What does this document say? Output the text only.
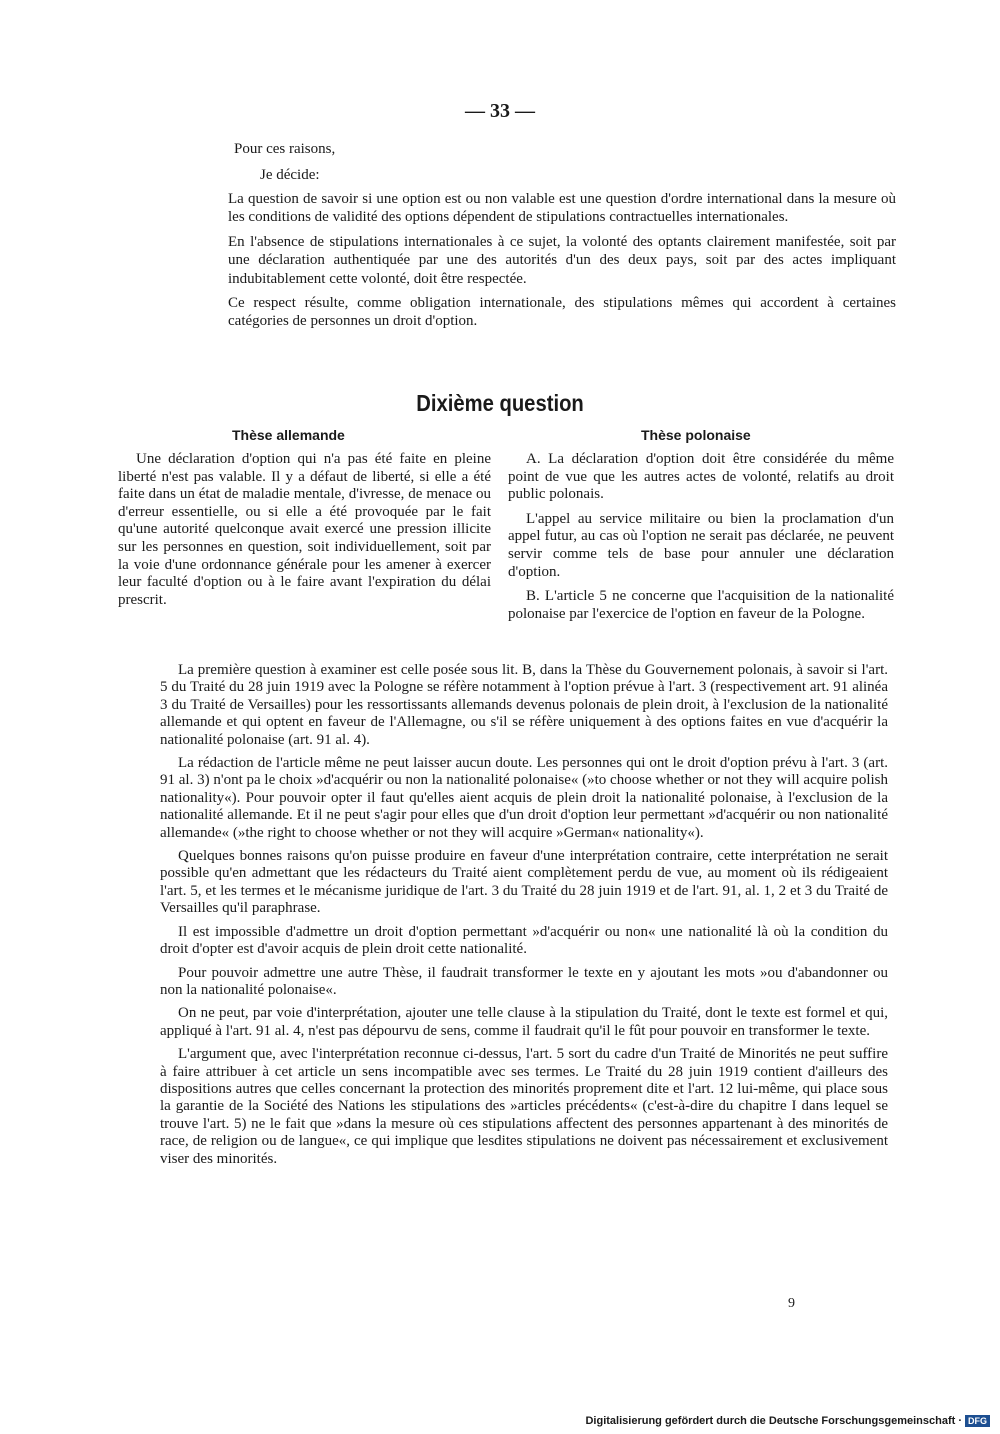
— 33 —
Pour ces raisons,
Je décide:

La question de savoir si une option est ou non valable est une question d'ordre international dans la mesure où les conditions de validité des options dépendent de stipulations contractuelles internationales.

En l'absence de stipulations internationales à ce sujet, la volonté des optants clairement manifestée, soit par une déclaration authentiquée par une des autorités d'un des deux pays, soit par des actes impliquant indubitablement cette volonté, doit être respectée.

Ce respect résulte, comme obligation internationale, des stipulations mêmes qui accordent à certaines catégories de personnes un droit d'option.

Dixième question
Thèse allemande	Thèse polonaise

Une déclaration d'option qui n'a pas été faite en pleine liberté n'est pas valable. Il y a défaut de liberté, si elle a été faite dans un état de maladie mentale, d'ivresse, de menace ou d'erreur essentielle, ou si elle a été provoquée par le fait qu'une autorité quelconque avait exercé une pression illicite sur les personnes en question, soit individuellement, soit par la voie d'une ordonnance générale pour les amener à exercer leur faculté d'option ou à le faire avant l'expiration du délai prescrit.

A. La déclaration d'option doit être considérée du même point de vue que les autres actes de volonté, relatifs au droit public polonais.

L'appel au service militaire ou bien la proclamation d'un appel futur, au cas où l'option ne serait pas déclarée, ne peuvent servir comme tels de base pour annuler une déclaration d'option.

B. L'article 5 ne concerne que l'acquisition de la nationalité polonaise par l'exercice de l'option en faveur de la Pologne.

La première question à examiner est celle posée sous lit. B, dans la Thèse du Gouvernement polonais, à savoir si l'art. 5 du Traité du 28 juin 1919 avec la Pologne se réfère notamment à l'option prévue à l'art. 3 (respectivement art. 91 alinéa 3 du Traité de Versailles) pour les ressortissants allemands devenus polonais de plein droit, à l'exclusion de la nationalité allemande et qui optent en faveur de l'Allemagne, ou s'il se réfère uniquement à des options faites en vue d'acquérir la nationalité polonaise (art. 91 al. 4).

La rédaction de l'article même ne peut laisser aucun doute. Les personnes qui ont le droit d'option prévu à l'art. 3 (art. 91 al. 3) n'ont pa le choix »d'acquérir ou non la nationalité polonaise« (»to choose whether or not they will acquire polish nationality«). Pour pouvoir opter il faut qu'elles aient acquis de plein droit la nationalité polonaise, à l'exclusion de la nationalité allemande. Et il ne peut s'agir pour elles que d'un droit d'option leur permettant »d'acquérir ou non nationalité allemande« (»the right to choose whether or not they will acquire »German« nationality«).

Quelques bonnes raisons qu'on puisse produire en faveur d'une interprétation contraire, cette interprétation ne serait possible qu'en admettant que les rédacteurs du Traité aient complètement perdu de vue, au moment où ils rédigeaient l'art. 5, et les termes et le mécanisme juridique de l'art. 3 du Traité du 28 juin 1919 et de l'art. 91, al. 1, 2 et 3 du Traité de Versailles qu'il paraphrase.

Il est impossible d'admettre un droit d'option permettant »d'acquérir ou non« une nationalité là où la condition du droit d'opter est d'avoir acquis de plein droit cette nationalité.

Pour pouvoir admettre une autre Thèse, il faudrait transformer le texte en y ajoutant les mots »ou d'abandonner ou non la nationalité polonaise«.

On ne peut, par voie d'interprétation, ajouter une telle clause à la stipulation du Traité, dont le texte est formel et qui, appliqué à l'art. 91 al. 4, n'est pas dépourvu de sens, comme il faudrait qu'il le fût pour pouvoir en transformer le texte.

L'argument que, avec l'interprétation reconnue ci-dessus, l'art. 5 sort du cadre d'un Traité de Minorités ne peut suffire à faire attribuer à cet article un sens incompatible avec ses termes. Le Traité du 28 juin 1919 contient d'ailleurs des dispositions autres que celles concernant la protection des minorités proprement dite et l'art. 12 lui-même, qui place sous la garantie de la Société des Nations les stipulations des »articles précédents« (c'est-à-dire du chapitre I dans lequel se trouve l'art. 5) ne le fait que »dans la mesure où ces stipulations affectent des personnes appartenant à des minorités de race, de religion ou de langue«, ce qui implique que lesdites stipulations ne doivent pas nécessairement et exclusivement viser des minorités.

9
Digitalisierung gefördert durch die Deutsche Forschungsgemeinschaft · DFG
